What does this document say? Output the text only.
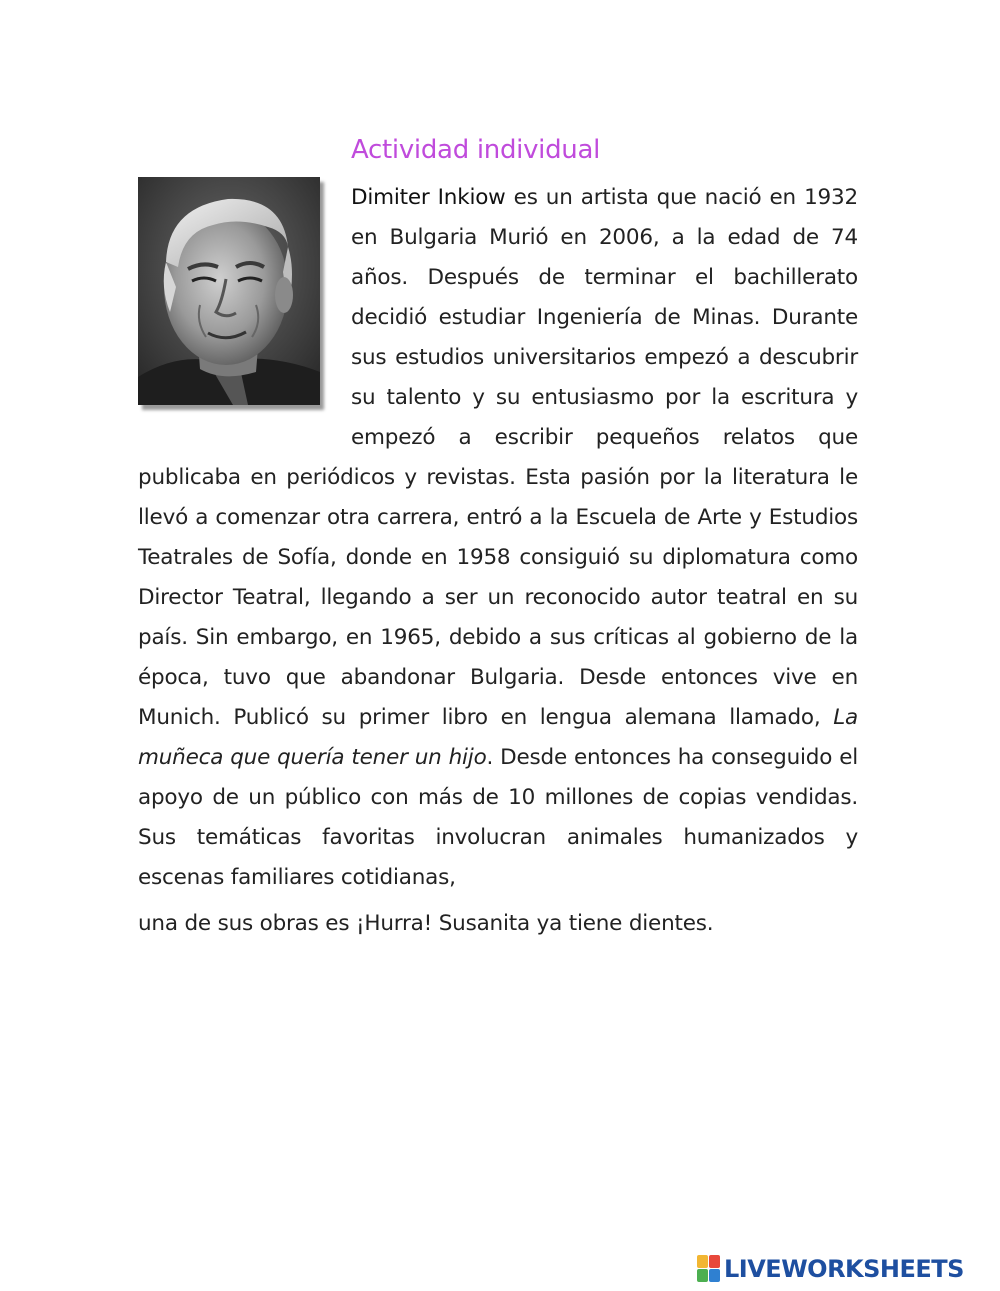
Actividad individual

Dimiter Inkiow es un artista que nació en 1932 en Bulgaria Murió en 2006, a la edad de 74 años. Después de terminar el bachillerato decidió estudiar Ingeniería de Minas. Durante sus estudios universitarios empezó a descubrir su talento y su entusiasmo por la escritura y empezó a escribir pequeños relatos que publicaba en periódicos y revistas. Esta pasión por la literatura le llevó a comenzar otra carrera, entró a la Escuela de Arte y Estudios Teatrales de Sofía, donde en 1958 consiguió su diplomatura como Director Teatral, llegando a ser un reconocido autor teatral en su país. Sin embargo, en 1965, debido a sus críticas al gobierno de la época, tuvo que abandonar Bulgaria. Desde entonces vive en Munich. Publicó su primer libro en lengua alemana llamado, La muñeca que quería tener un hijo. Desde entonces ha conseguido el apoyo de un público con más de 10 millones de copias vendidas. Sus temáticas favoritas involucran animales humanizados y escenas familiares cotidianas,
una de sus obras es ¡Hurra! Susanita ya tiene dientes.

LIVEWORKSHEETS
